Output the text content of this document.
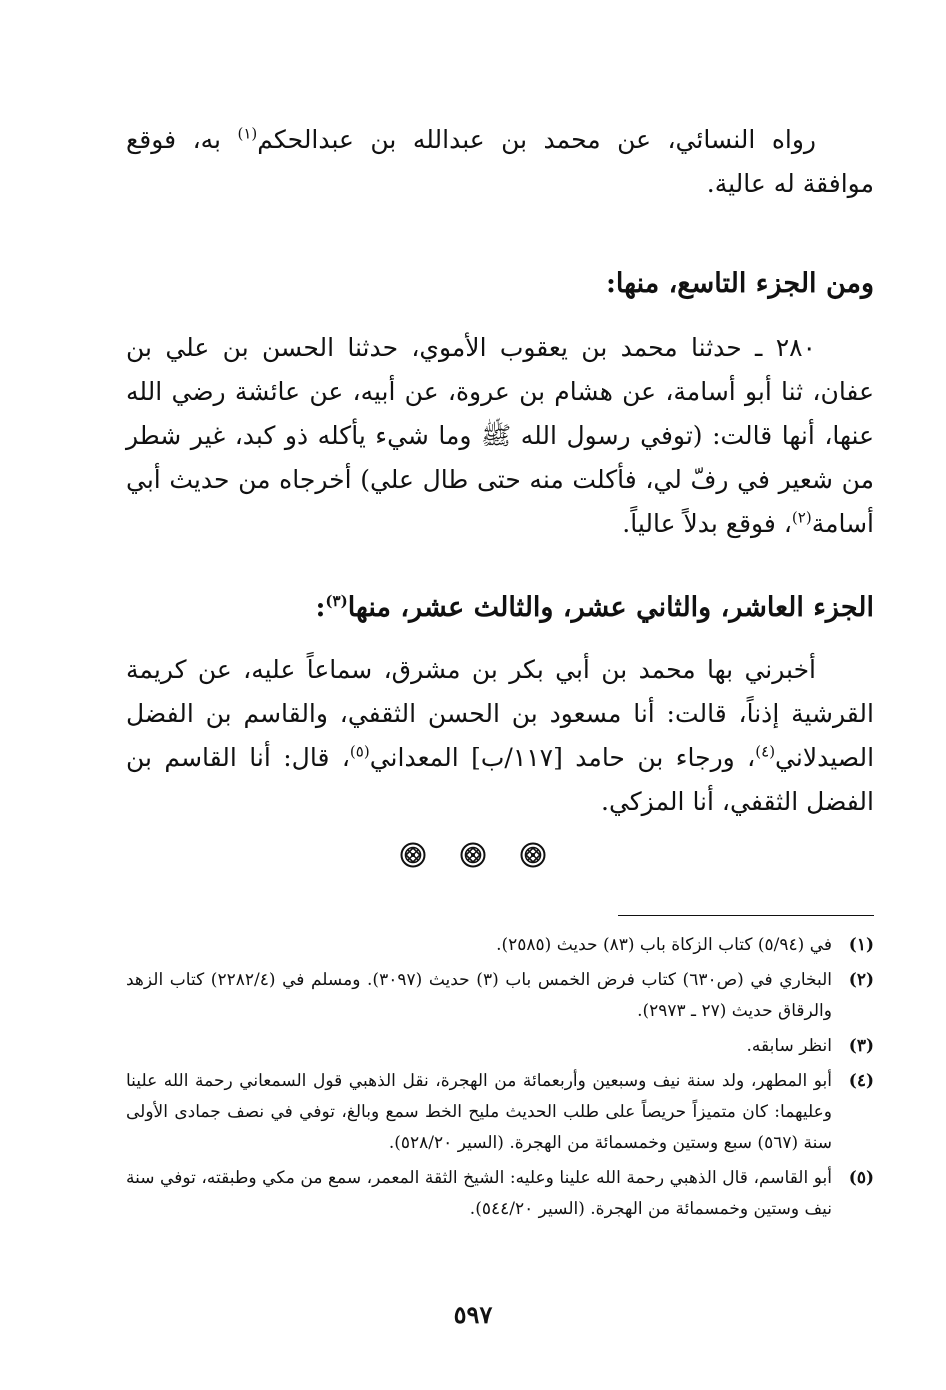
رواه النسائي، عن محمد بن عبدالله بن عبدالحكم$^{(١)}$ به، فوقع موافقة له عالية.

ومن الجزء التاسع، منها:

٢٨٠ ـ حدثنا محمد بن يعقوب الأموي، حدثنا الحسن بن علي بن عفان، ثنا أبو أسامة، عن هشام بن عروة، عن أبيه، عن عائشة رضي الله عنها، أنها قالت: (توفي رسول الله ﷺ وما شيء يأكله ذو كبد، غير شطر من شعير في رفّ لي، فأكلت منه حتى طال علي) أخرجاه من حديث أبي أسامة$^{(٢)}$، فوقع بدلاً عالياً.

الجزء العاشر، والثاني عشر، والثالث عشر، منها$^{(٣)}$:

أخبرني بها محمد بن أبي بكر بن مشرق، سماعاً عليه، عن كريمة القرشية إذناً، قالت: أنا مسعود بن الحسن الثقفي، والقاسم بن الفضل الصيدلاني$^{(٤)}$، ورجاء بن حامد [١١٧/ب] المعداني$^{(٥)}$، قال: أنا القاسم بن الفضل الثقفي، أنا المزكي.

(١)
في (٥/٩٤) كتاب الزكاة باب (٨٣) حديث (٢٥٨٥).
(٢)
البخاري في (ص٦٣٠) كتاب فرض الخمس باب (٣) حديث (٣٠٩٧). ومسلم في (٢٢٨٢/٤) كتاب الزهد والرقاق حديث (٢٧ ـ ٢٩٧٣).
(٣)
انظر سابقه.
(٤)
أبو المطهر، ولد سنة نيف وسبعين وأربعمائة من الهجرة، نقل الذهبي قول السمعاني رحمة الله علينا وعليهما: كان متميزاً حريصاً على طلب الحديث مليح الخط سمع وبالغ، توفي في نصف جمادى الأولى سنة (٥٦٧) سبع وستين وخمسمائة من الهجرة. (السير ٥٢٨/٢٠).
(٥)
أبو القاسم، قال الذهبي رحمة الله علينا وعليه: الشيخ الثقة المعمر، سمع من مكي وطبقته، توفي سنة نيف وستين وخمسمائة من الهجرة. (السير ٥٤٤/٢٠).
٥٩٧
